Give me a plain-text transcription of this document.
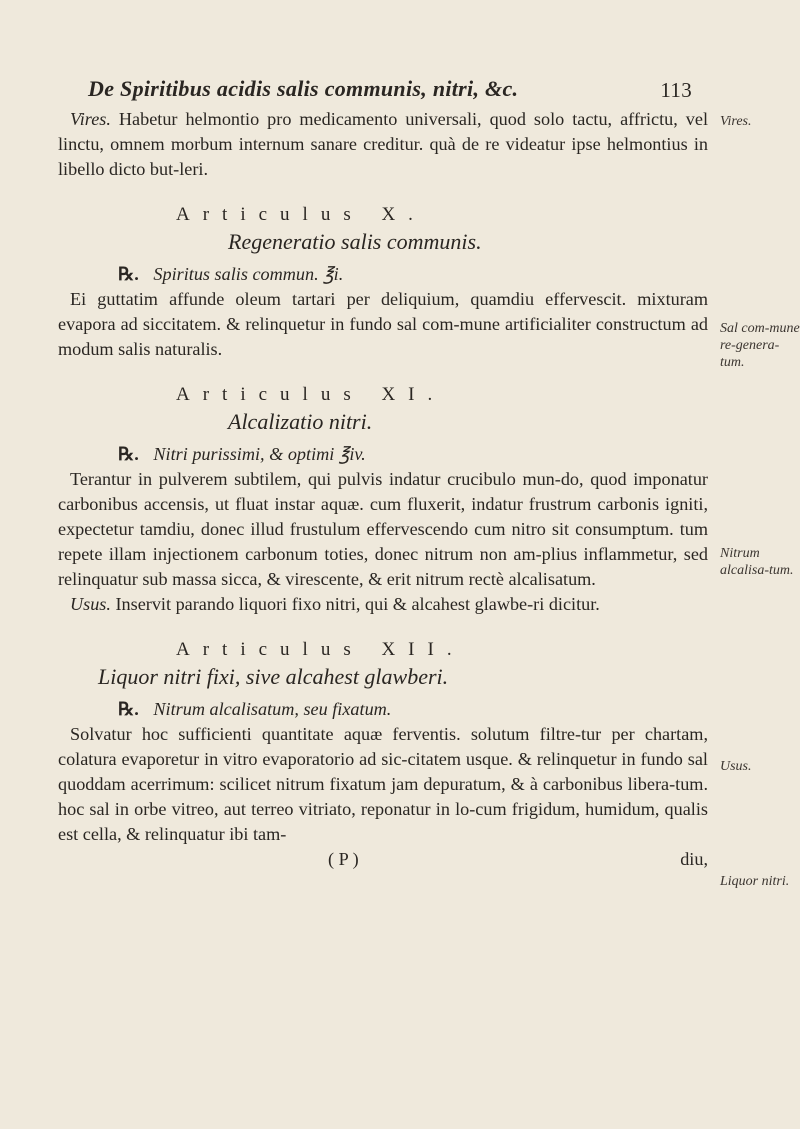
De Spiritibus acidis salis communis, nitri, &c.	113

Vires. Habetur helmontio pro medicamento universali, quod solo tactu, affrictu, vel linctu, omnem morbum internum sanare creditur. quà de re videatur ipse helmontius in libello dicto but-leri.

Articulus X.
Regeneratio salis communis.

℞. Spiritus salis commun. ℥i.

Ei guttatim affunde oleum tartari per deliquium, quamdiu effervescit. mixturam evapora ad siccitatem. & relinquetur in fundo sal com-mune artificialiter constructum ad modum salis naturalis.

Articulus XI.
Alcalizatio nitri.

℞. Nitri purissimi, & optimi ℥iv.

Terantur in pulverem subtilem, qui pulvis indatur crucibulo mun-do, quod imponatur carbonibus accensis, ut fluat instar aquæ. cum fluxerit, indatur frustrum carbonis igniti, expectetur tamdiu, donec illud frustulum effervescendo cum nitro sit consumptum. tum repete illam injectionem carbonum toties, donec nitrum non am-plius inflammetur, sed relinquatur sub massa sicca, & virescente, & erit nitrum rectè alcalisatum.

Usus. Inservit parando liquori fixo nitri, qui & alcahest glawbe-ri dicitur.

Articulus XII.
Liquor nitri fixi, sive alcahest glawberi.

℞. Nitrum alcalisatum, seu fixatum.

Solvatur hoc sufficienti quantitate aquæ ferventis. solutum filtre-tur per chartam, colatura evaporetur in vitro evaporatorio ad sic-citatem usque. & relinquetur in fundo sal quoddam acerrimum: scilicet nitrum fixatum jam depuratum, & à carbonibus libera-tum. hoc sal in orbe vitreo, aut terreo vitriato, reponatur in lo-cum frigidum, humidum, qualis est cella, & relinquatur ibi tam-

( P )	diu,
Vires.
Sal com-mune re-genera-tum.
Nitrum alcalisa-tum.
Usus.
Liquor nitri.
